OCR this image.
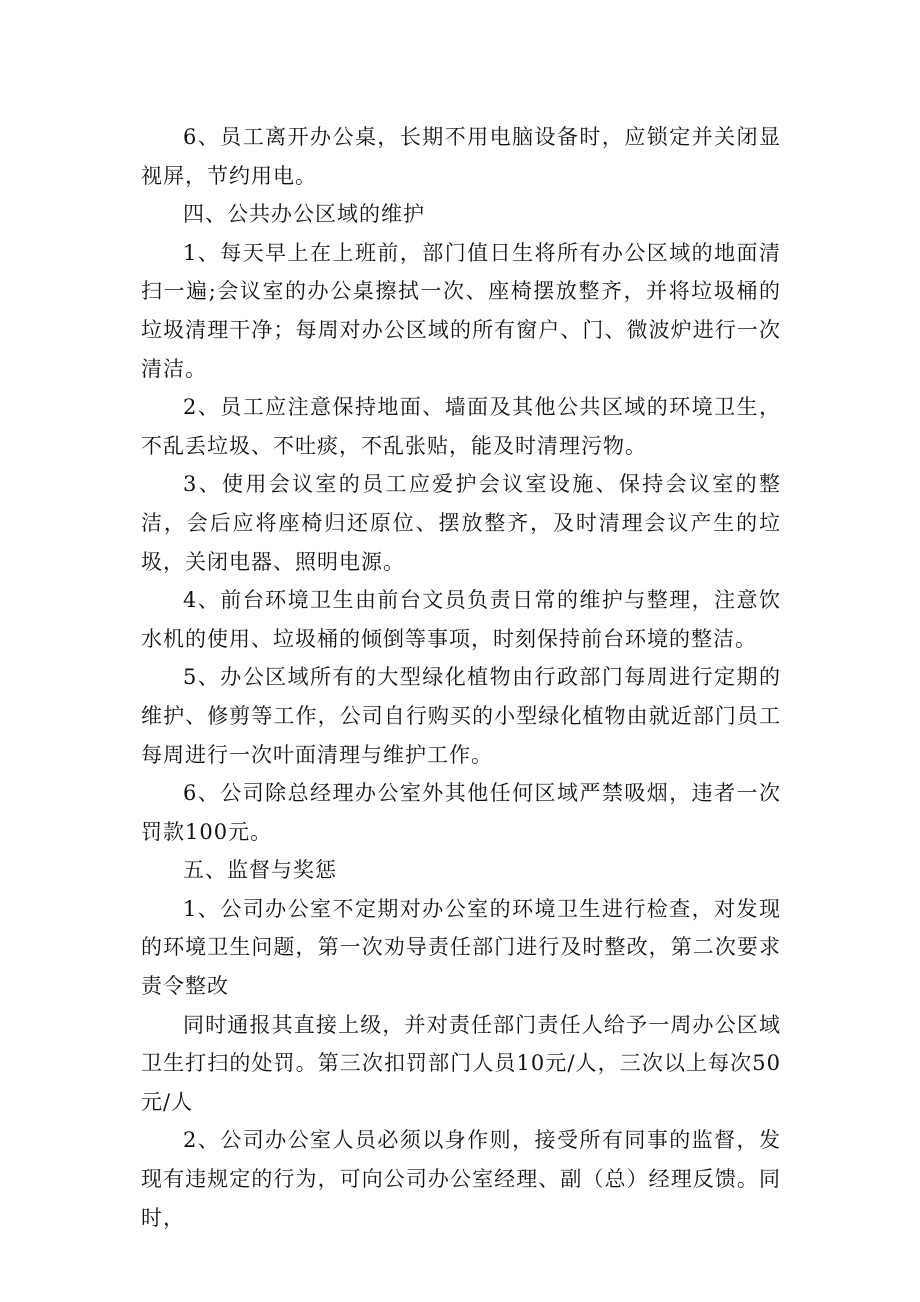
6、员工离开办公桌，长期不用电脑设备时，应锁定并关闭显视屏，节约用电。

四、公共办公区域的维护

1、每天早上在上班前，部门值日生将所有办公区域的地面清扫一遍;会议室的办公桌擦拭一次、座椅摆放整齐，并将垃圾桶的垃圾清理干净；每周对办公区域的所有窗户、门、微波炉进行一次清洁。

2、员工应注意保持地面、墙面及其他公共区域的环境卫生，不乱丢垃圾、不吐痰，不乱张贴，能及时清理污物。

3、使用会议室的员工应爱护会议室设施、保持会议室的整洁，会后应将座椅归还原位、摆放整齐，及时清理会议产生的垃圾，关闭电器、照明电源。

4、前台环境卫生由前台文员负责日常的维护与整理，注意饮水机的使用、垃圾桶的倾倒等事项，时刻保持前台环境的整洁。

5、办公区域所有的大型绿化植物由行政部门每周进行定期的维护、修剪等工作，公司自行购买的小型绿化植物由就近部门员工每周进行一次叶面清理与维护工作。

6、公司除总经理办公室外其他任何区域严禁吸烟，违者一次罚款100元。

五、监督与奖惩

1、公司办公室不定期对办公室的环境卫生进行检查，对发现的环境卫生问题，第一次劝导责任部门进行及时整改，第二次要求责令整改

同时通报其直接上级，并对责任部门责任人给予一周办公区域卫生打扫的处罚。第三次扣罚部门人员10元/人，三次以上每次50元/人

2、公司办公室人员必须以身作则，接受所有同事的监督，发现有违规定的行为，可向公司办公室经理、副（总）经理反馈。同时，
